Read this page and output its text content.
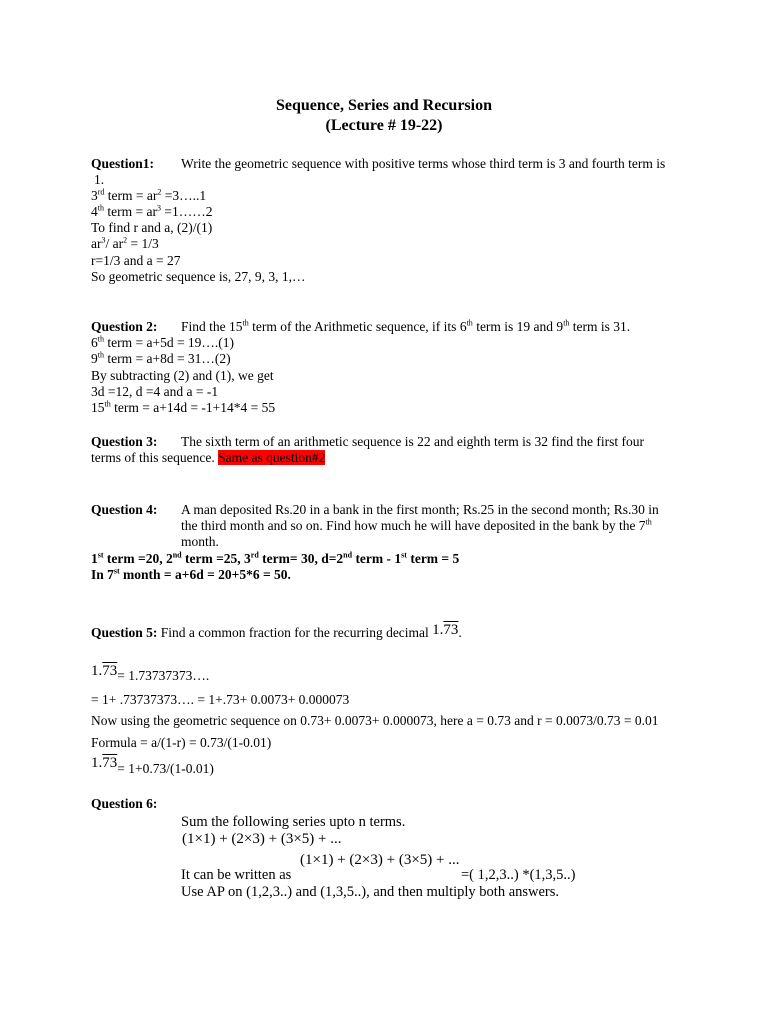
Sequence, Series and Recursion
(Lecture # 19-22)
Question1: Write the geometric sequence with positive terms whose third term is 3 and fourth term is
1.
3rd term = $ar^2$ =3…..1
4th term = $ar^3$ =1……2
To find r and a, (2)/(1)
$ar^3/$ $ar^2 = 1/3$
r=1/3 and a = 27
So geometric sequence is, 27, 9, 3, 1,…
Question 2: Find the 15th term of the Arithmetic sequence, if its 6th term is 19 and 9th term is 31.
6th term = a+5d = 19….(1)
9th term = a+8d = 31…(2)
By subtracting (2) and (1), we get
3d =12, d =4 and a = -1
15th term = a+14d = -1+14*4 = 55
Question 3: The sixth term of an arithmetic sequence is 22 and eighth term is 32 find the first four
terms of this sequence. Same as question#2
Question 4: A man deposited Rs.20 in a bank in the first month; Rs.25 in the second month; Rs.30 in
the third month and so on. Find how much he will have deposited in the bank by the 7th
month.
1st term =20, 2nd term =25, 3rd term= 30, d=2nd term - 1st term = 5
In 7st month = a+6d = 20+5*6 = 50.
Question 5: Find a common fraction for the recurring decimal 1.73.
1.73= 1.73737373….
= 1+ .73737373…. = 1+.73+ 0.0073+ 0.000073
Now using the geometric sequence on 0.73+ 0.0073+ 0.000073, here a = 0.73 and r = 0.0073/0.73 = 0.01
Formula = a/(1-r) = 0.73/(1-0.01)
1.73= 1+0.73/(1-0.01)
Question 6:
Sum the following series upto n terms.
(1×1) + (2×3) + (3×5) + ...
(1×1) + (2×3) + (3×5) + ...
It can be written as	=( 1,2,3..) *(1,3,5..)
Use AP on (1,2,3..) and (1,3,5..), and then multiply both answers.
